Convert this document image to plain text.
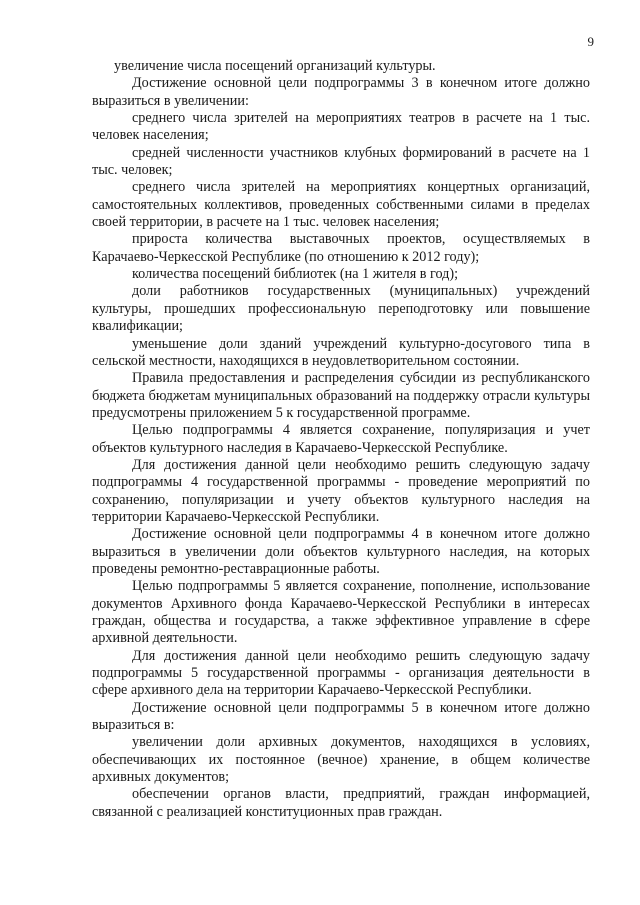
9

увеличение числа посещений организаций культуры.

Достижение основной цели подпрограммы 3 в конечном итоге должно выразиться в увеличении:

среднего числа зрителей на мероприятиях театров в расчете на 1 тыс. человек населения;

средней численности участников клубных формирований в расчете на 1 тыс. человек;

среднего числа зрителей на мероприятиях концертных организаций, самостоятельных коллективов, проведенных собственными силами в пределах своей территории, в расчете на 1 тыс. человек населения;

прироста количества выставочных проектов, осуществляемых в Карачаево-Черкесской Республике (по отношению к 2012 году);

количества посещений библиотек (на 1 жителя в год);

доли работников государственных (муниципальных) учреждений культуры, прошедших профессиональную переподготовку или повышение квалификации;

уменьшение доли зданий учреждений культурно-досугового типа в сельской местности, находящихся в неудовлетворительном состоянии.

Правила предоставления и распределения субсидии из республиканского бюджета бюджетам муниципальных образований на поддержку отрасли культуры предусмотрены приложением 5 к государственной программе.

Целью подпрограммы 4 является сохранение, популяризация и учет объектов культурного наследия в Карачаево-Черкесской Республике.

Для достижения данной цели необходимо решить следующую задачу подпрограммы 4 государственной программы - проведение мероприятий по сохранению, популяризации и учету объектов культурного наследия на территории Карачаево-Черкесской Республики.

Достижение основной цели подпрограммы 4 в конечном итоге должно выразиться в увеличении доли объектов культурного наследия, на которых проведены ремонтно-реставрационные работы.

Целью подпрограммы 5 является сохранение, пополнение, использование документов Архивного фонда Карачаево-Черкесской Республики в интересах граждан, общества и государства, а также эффективное управление в сфере архивной деятельности.

Для достижения данной цели необходимо решить следующую задачу подпрограммы 5 государственной программы - организация деятельности в сфере архивного дела на территории Карачаево-Черкесской Республики.

Достижение основной цели подпрограммы 5 в конечном итоге должно выразиться в:

увеличении доли архивных документов, находящихся в условиях, обеспечивающих их постоянное (вечное) хранение, в общем количестве архивных документов;

обеспечении органов власти, предприятий, граждан информацией, связанной с реализацией конституционных прав граждан.
